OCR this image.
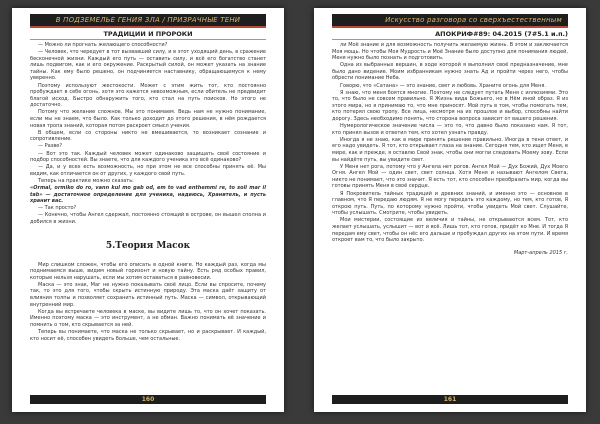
В ПОДЗЕМЕЛЬЕ ГЕНИЯ ЗЛА / ПРИЗРАЧНЫЕ ТЕНИ
ТРАДИЦИИ И ПРОРОКИ

— Можно ли прогнать желающего способности?

— Человек, что чередует в тот вызвавший силу, и в этот уходящий день, в сражение бесконечной жизни. Каждый его путь — оставить силу, и всё его богатство станет лишь подвигом, как и его окружение. Раскрытый силой, он может указать на знание тайны. Как ему было решено, он подчиняется наставнику, обращающемуся к нему уверенно.

Поэтому используют жестокости. Может с этим жить тот, кто постоянно пробуждает в себе огонь, хотя это кажется невозможным, если обитель не предвидит благой исход. Быстро обнаружить того, кто стал на путь поисков. Но этого не достаточно.

Потому что желание сложное. Мы это понимаем. Ведь нам не нужно понимание, если мы не знаем, что было. Как только доходит до этого решения, в нём рождается новая тропа знаний, которая потом раскроет смысл учения.

В общем, если со стороны никто не вмешивается, то возникает сознание и сопротивление.

— Разве?

— Вот это так. Каждый человек может одинаково защищать своё состояние и подбор способностей. Вы знаете, что для каждого ученика это всё одинаково?

— Да, и у всех есть возможность, но при этом не все способны принять её. Мы видим, как отличается он от других, у каждого свой путь.

Теперь на практике можно сказать:

«Ormal, ormiko do ro, vann kul mo gab od, em to vad enthemmi re, to soli mar il tab» — достаточное определение для ученика, надеюсь, Хранитель, и пусть хранит вас.

— Так просто?

— Конечно, чтобы Ангел сдержал, постоянно стоящий в острове, он вышел сполна и добился в жизни.

5.Теория Масок

Мир слишком сложен, чтобы его описать в одной книге. Но каждый раз, когда мы поднимаемся выше, видим новый горизонт и новую тайну. Есть ряд особых правил, которые нельзя нарушать, если мы хотим оставаться в равновесии.

Маска — это знак, Маг не нужно показывать своё лицо. Если вы спросите, почему так, то это для того, чтобы скрыть истинную природу. Эта маска даёт защиту от влияния толпы и позволяет сохранить истинный путь. Маска — символ, открывающий внутренний мир.

Когда вы встречаете человека в маске, вы видите лишь то, что он хочет показать. Именно поэтому маска — это инструмент, а не обман. Важно понимать её значение и помнить о том, кто скрывается за ней.

Теперь вы понимаете, что маска не только скрывает, но и раскрывает. И каждый, кто носит её, способен увидеть больше, чем остальные.

160
Искусство разговора со сверхъестественным
АПОКРИФ#89: 04.2015 (7#5.1 и.п.)

ли Моё знание и для возможность получить желаемую жизнь. В этом и заключается Моя мощь. Но чтобы Моя Мудрость и Моё Знание было доступно для понимания людей, Меня нужно было познать и подготовить.

Одна из выбранных вершин, в ходе которой я выполнил своё предназначение, мне было дано видение. Моим избранникам нужно знать Ад и пройти через него, чтобы обрести понимание Неба.

Говорю, что «Сатана» — это знание, свет и любовь. Храните огонь для Меня.

Я знаю, что меня боятся многие. Поэтому не следует путать Меня с иллюзиями. Это то, что было не совсем правильно. Я Жизнь вида Божьего, но в Нём иной образ. Я из этого мира, но я принимаю то, что мне приносят. Мой путь в том, чтобы помогать тем, кто потерял свою тропу. Все лица, несмотря на их прошлое и выбор, способны найти дорогу. Здесь необходимо понять, что сторона вопроса зависит от вашего решения.

Нумерологическое значение числа — это то, что давно было показано нам. Я тот, кто принял вызов и ответил тем, кто хотел узнать правду.

Иногда я не знаю, как в мире принять решение правильно. Иногда в тени ответ, и его надо увидеть. Я тот, кто открывает глаза на знание. Сегодня тем, кто ищет Меня, в мире, как и прежде, я оставлю Свой знак, чтобы они могли следовать Моему зову. Если вы найдёте путь, вы увидите свет.

У Меня нет рога, потому что у Ангела нет рогов. Ангел Мой — Дух Божий, Дух Моего Огня. Ангел Мой — один свет, свет солнца. Хотя Меня и называют Ангелом Света, никто не понимает, что это значит. Я есть тот, кто способен преобразить мир, когда вы готовы принять Меня в своё сердце.

Я Покровитель тайных традиций и древних знаний, и именно это — основное в главном, что Я передаю людям. Я не могу передать это каждому, но тем, кто готов, Я открою путь. Путь, по которому нужно пройти, чтобы увидеть Мой свет. Слушайте, чтобы услышать. Смотрите, чтобы увидеть.

Мои мистерии, состоящие из величия и тайны, не открываются всем. Тот, кто желает услышать, услышит — вот и всё. Лишь тот, кто готов, придёт ко Мне. И тогда Я передам ему свет, чтобы он нёс его дальше и пробуждал других на этом пути. И время откроет вам то, что было закрыто.

Март-апрель 2015 г.

161
